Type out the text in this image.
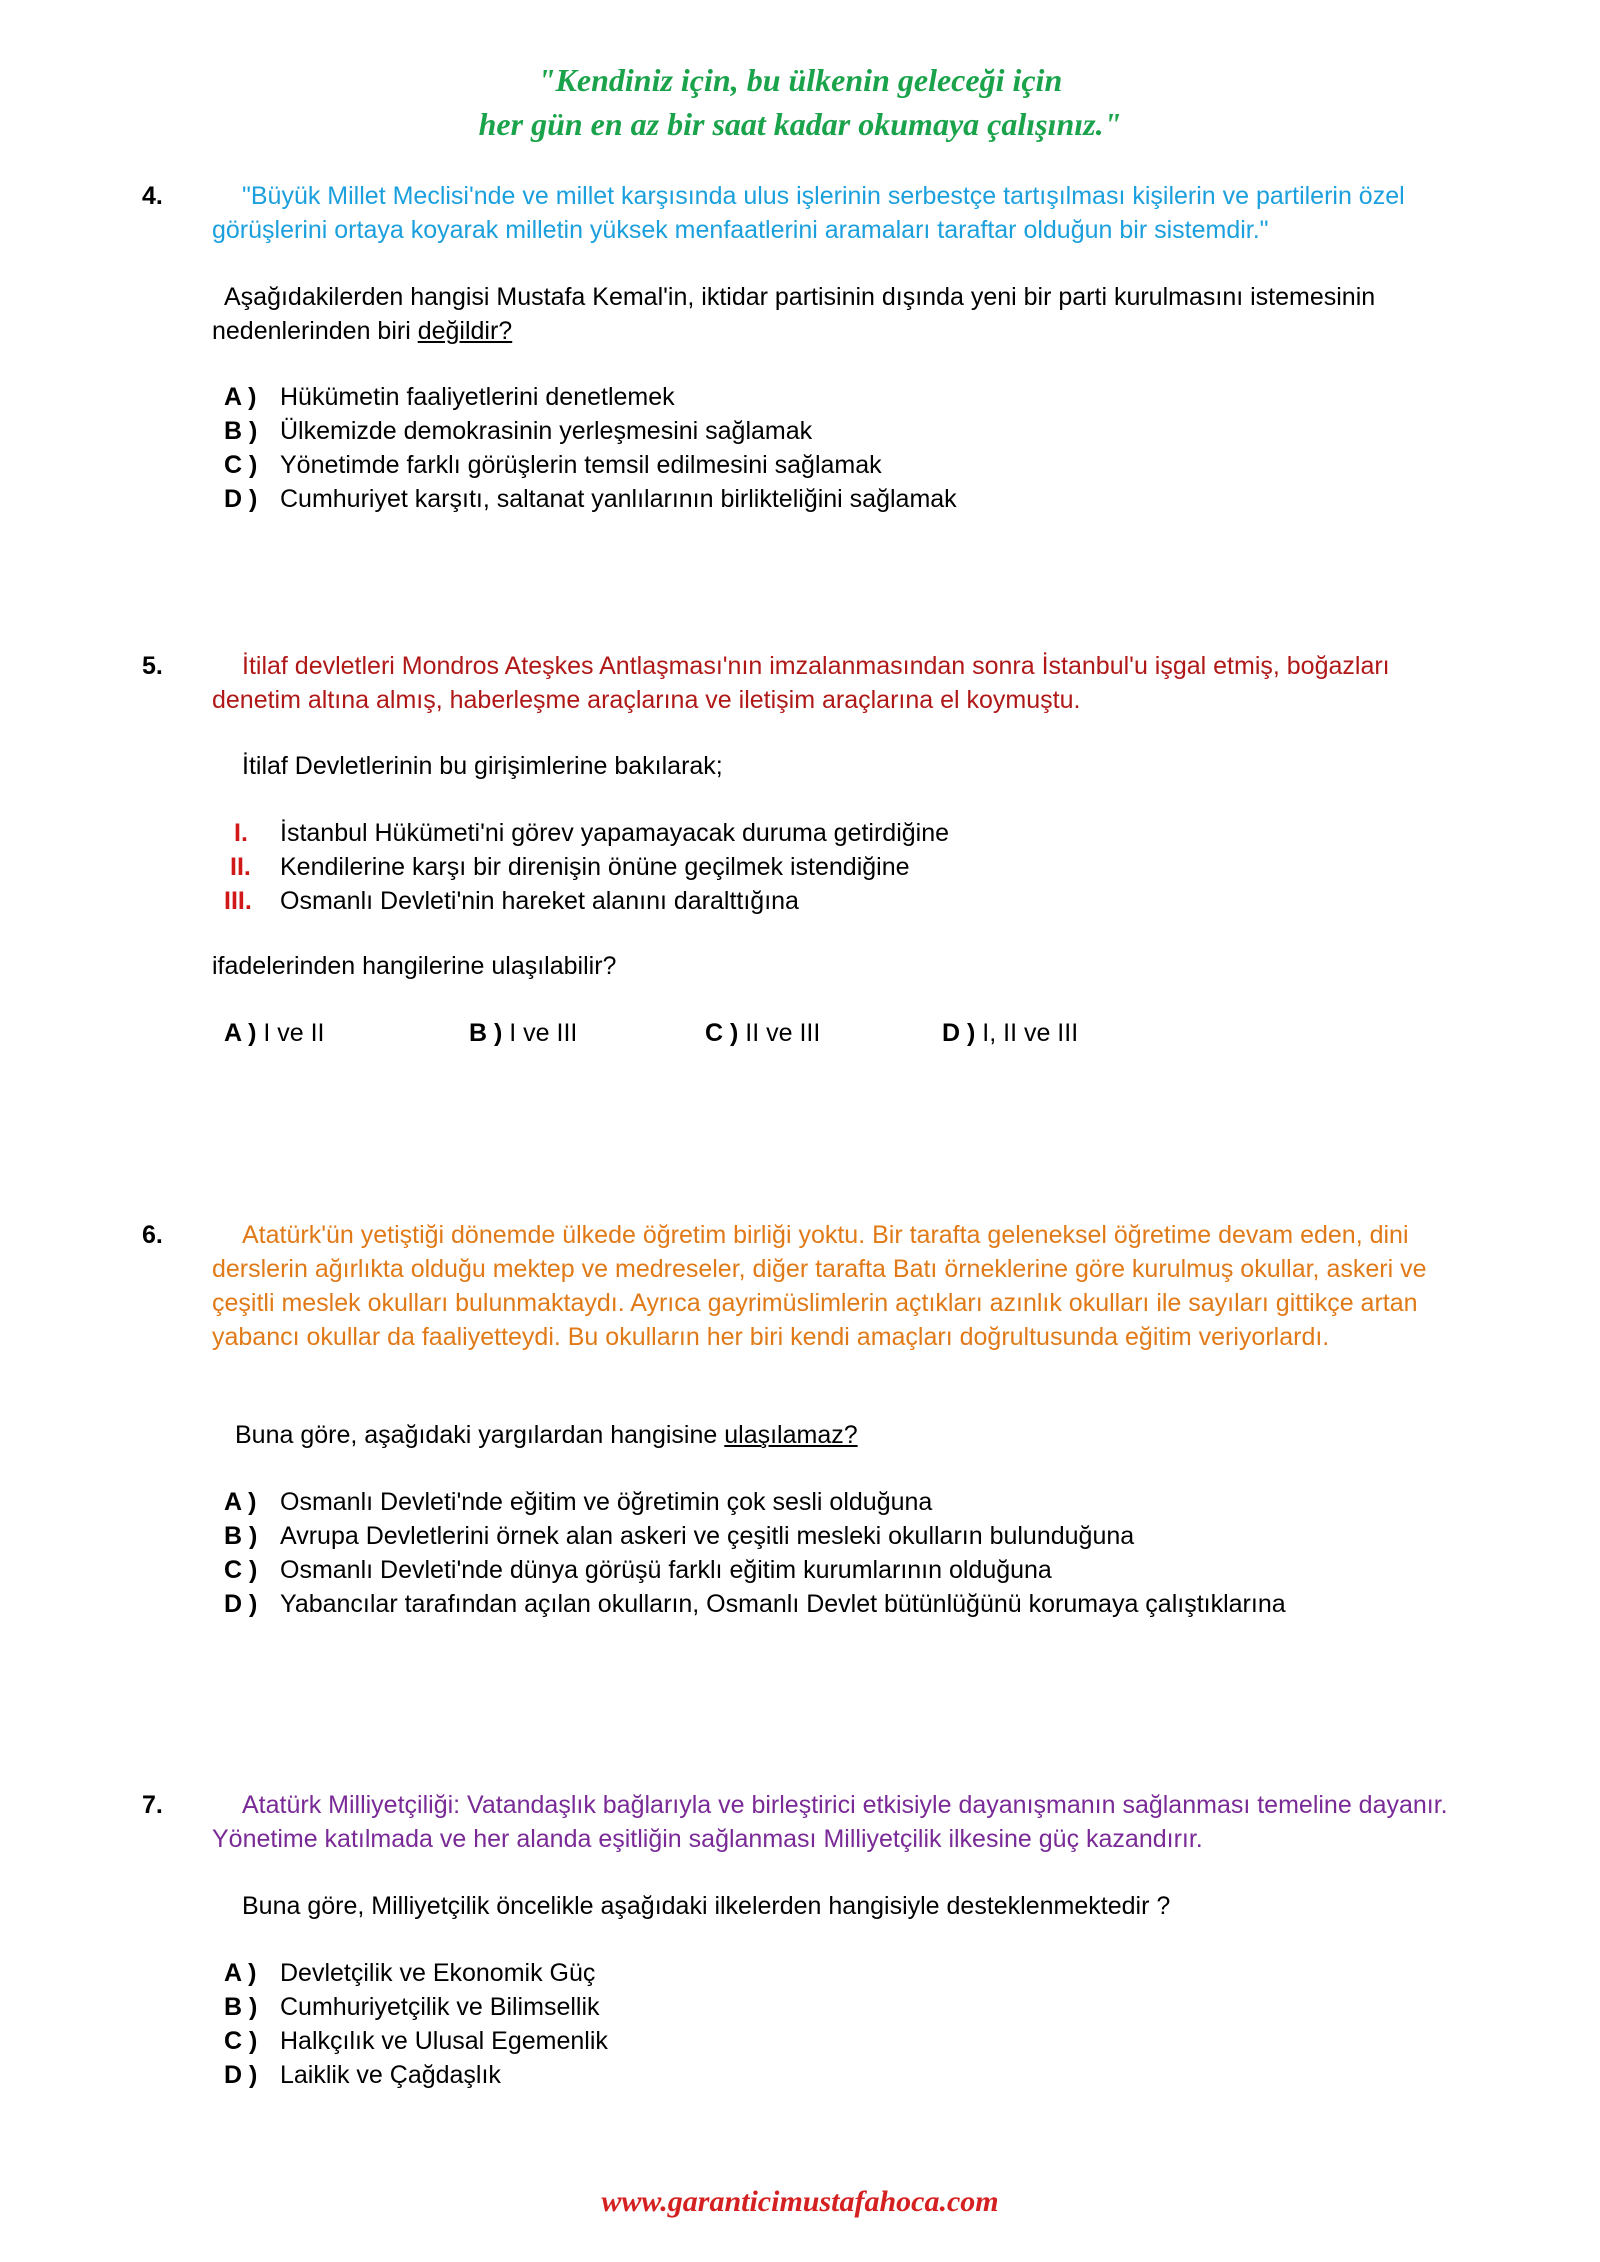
"Kendiniz için, bu ülkenin geleceği için
her gün en az bir saat kadar okumaya çalışınız."
4.	"Büyük Millet Meclisi'nde ve millet karşısında ulus işlerinin serbestçe tartışılması kişilerin ve partilerin özel görüşlerini ortaya koyarak milletin yüksek menfaatlerini aramaları taraftar olduğun bir sistemdir."
Aşağıdakilerden hangisi Mustafa Kemal'in, iktidar partisinin dışında yeni bir parti kurulmasını istemesinin nedenlerinden biri değildir?
A ) Hükümetin faaliyetlerini denetlemek
B ) Ülkemizde demokrasinin yerleşmesini sağlamak
C ) Yönetimde farklı görüşlerin temsil edilmesini sağlamak
D ) Cumhuriyet karşıtı, saltanat yanlılarının birlikteliğini sağlamak
5.	İtilaf devletleri Mondros Ateşkes Antlaşması'nın imzalanmasından sonra İstanbul'u işgal etmiş, boğazları denetim altına almış, haberleşme araçlarına ve iletişim araçlarına el koymuştu.
İtilaf Devletlerinin bu girişimlerine bakılarak;
I. İstanbul Hükümeti'ni görev yapamayacak duruma getirdiğine
II. Kendilerine karşı bir direnişin önüne geçilmek istendiğine
III. Osmanlı Devleti'nin hareket alanını daralttığına
ifadelerinden hangilerine ulaşılabilir?
A ) I ve II	B ) I ve III	C ) II ve III	D ) I, II ve III
6.	Atatürk'ün yetiştiği dönemde ülkede öğretim birliği yoktu. Bir tarafta geleneksel öğretime devam eden, dini derslerin ağırlıkta olduğu mektep ve medreseler, diğer tarafta Batı örneklerine göre kurulmuş okullar, askeri ve çeşitli meslek okulları bulunmaktaydı. Ayrıca gayrimüslimlerin açtıkları azınlık okulları ile sayıları gittikçe artan yabancı okullar da faaliyetteydi. Bu okulların her biri kendi amaçları doğrultusunda eğitim veriyorlardı.
Buna göre, aşağıdaki yargılardan hangisine ulaşılamaz?
A ) Osmanlı Devleti'nde eğitim ve öğretimin çok sesli olduğuna
B ) Avrupa Devletlerini örnek alan askeri ve çeşitli mesleki okulların bulunduğuna
C ) Osmanlı Devleti'nde dünya görüşü farklı eğitim kurumlarının olduğuna
D ) Yabancılar tarafından açılan okulların, Osmanlı Devlet bütünlüğünü korumaya çalıştıklarına
7.	Atatürk Milliyetçiliği: Vatandaşlık bağlarıyla ve birleştirici etkisiyle dayanışmanın sağlanması temeline dayanır. Yönetime katılmada ve her alanda eşitliğin sağlanması Milliyetçilik ilkesine güç kazandırır.
Buna göre, Milliyetçilik öncelikle aşağıdaki ilkelerden hangisiyle desteklenmektedir ?
A ) Devletçilik ve Ekonomik Güç
B ) Cumhuriyetçilik ve Bilimsellik
C ) Halkçılık ve Ulusal Egemenlik
D ) Laiklik ve Çağdaşlık
www.garanticimustafahoca.com
